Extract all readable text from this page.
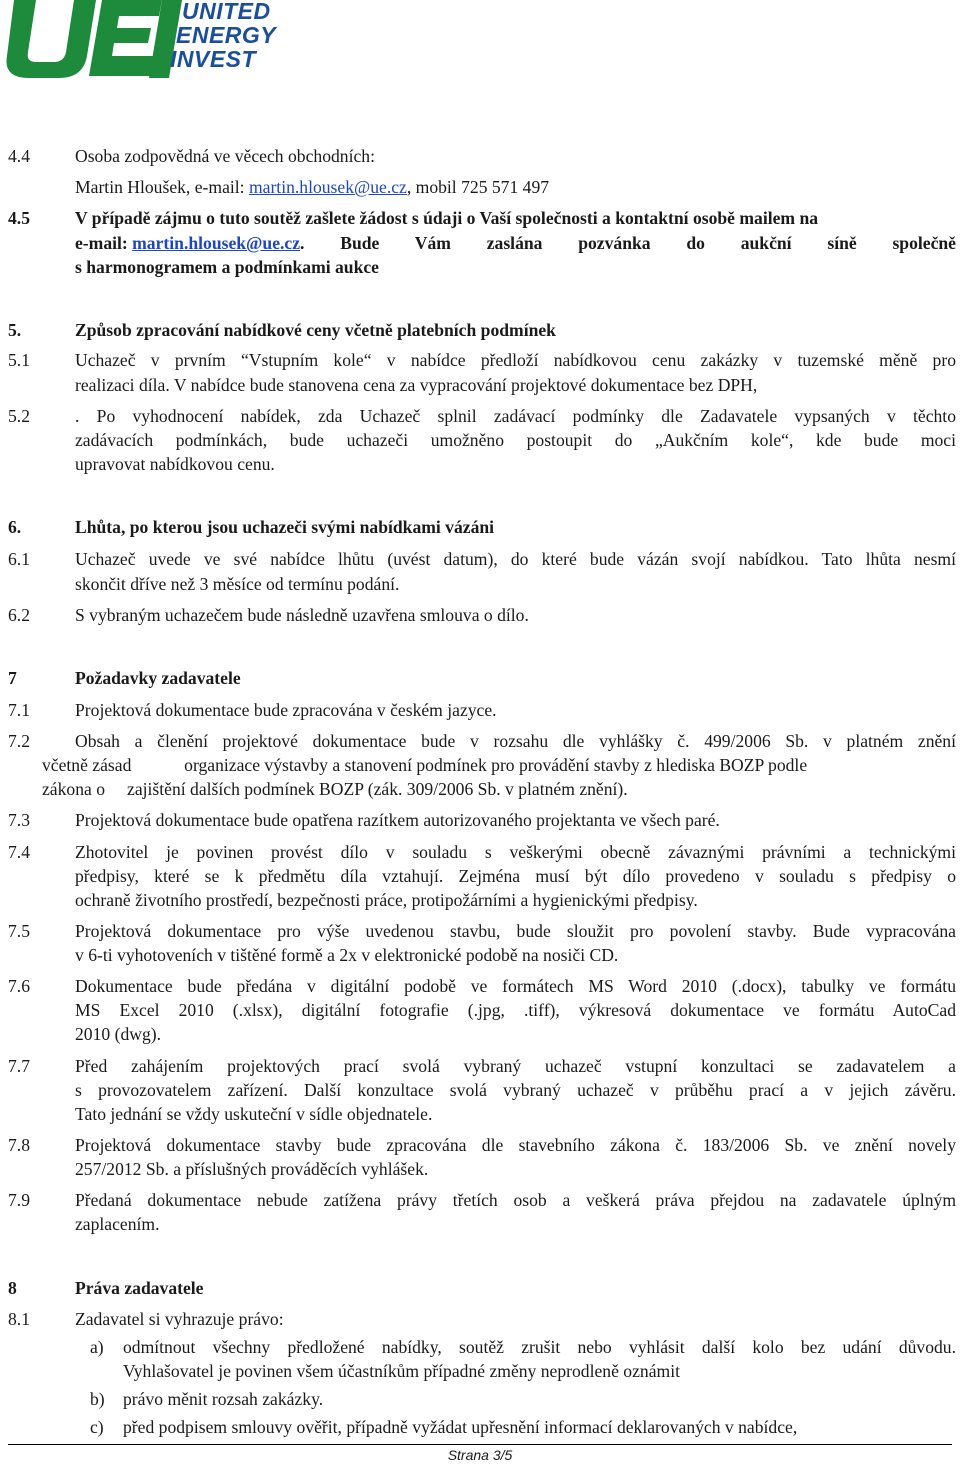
UNITED
ENERGY
INVEST
4.4	Osoba zodpovědná ve věcech obchodních:
Martin Hloušek, e-mail: martin.hlousek@ue.cz, mobil 725 571 497
4.5	V případě zájmu o tuto soutěž zašlete žádost s údaji o Vaší společnosti a kontaktní osobě mailem na
e-mail: martin.hlousek@ue.cz . Bude Vám zaslána pozvánka do aukční síně společně
s harmonogramem a podmínkami aukce
5.	Způsob zpracování nabídkové ceny včetně platebních podmínek
5.1	Uchazeč v prvním “Vstupním kole“ v nabídce předloží nabídkovou cenu zakázky v tuzemské měně pro
realizaci díla. V nabídce bude stanovena cena za vypracování projektové dokumentace bez DPH,
5.2	. Po vyhodnocení nabídek, zda Uchazeč splnil zadávací podmínky dle Zadavatele vypsaných v těchto
zadávacích podmínkách, bude uchazeči umožněno postoupit do „Aukčním kole“, kde bude moci
upravovat nabídkovou cenu.
6.	Lhůta, po kterou jsou uchazeči svými nabídkami vázáni
6.1	Uchazeč uvede ve své nabídce lhůtu (uvést datum), do které bude vázán svojí nabídkou. Tato lhůta nesmí
skončit dříve než 3 měsíce od termínu podání.
6.2	S vybraným uchazečem bude následně uzavřena smlouva o dílo.
7	Požadavky zadavatele
7.1	Projektová dokumentace bude zpracována v českém jazyce.
7.2	Obsah a členění projektové dokumentace bude v rozsahu dle vyhlášky č. 499/2006 Sb. v platném znění
včetně zásad            organizace výstavby a stanovení podmínek pro provádění stavby z hlediska BOZP podle
zákona o     zajištění dalších podmínek BOZP (zák. 309/2006 Sb. v platném znění).
7.3	Projektová dokumentace bude opatřena razítkem autorizovaného projektanta ve všech paré.
7.4	Zhotovitel je povinen provést dílo v souladu s veškerými obecně závaznými právními a technickými
předpisy, které se k předmětu díla vztahují. Zejména musí být dílo provedeno v souladu s předpisy o
ochraně životního prostředí, bezpečnosti práce, protipožárními a hygienickými předpisy.
7.5	Projektová dokumentace pro výše uvedenou stavbu, bude sloužit pro povolení stavby. Bude vypracována
v 6-ti vyhotoveních v tištěné formě a 2x v elektronické podobě na nosiči CD.
7.6	Dokumentace bude předána v digitální podobě ve formátech MS Word 2010 (.docx), tabulky ve formátu
MS Excel 2010 (.xlsx), digitální fotografie (.jpg, .tiff), výkresová dokumentace ve formátu AutoCad
2010 (dwg).
7.7	Před zahájením projektových prací svolá vybraný uchazeč vstupní konzultaci se zadavatelem a
s provozovatelem zařízení. Další konzultace svolá vybraný uchazeč v průběhu prací a v jejich závěru.
Tato jednání se vždy uskuteční v sídle objednatele.
7.8	Projektová dokumentace stavby bude zpracována dle stavebního zákona č. 183/2006 Sb. ve znění novely
257/2012 Sb. a příslušných prováděcích vyhlášek.
7.9	Předaná dokumentace nebude zatížena právy třetích osob a veškerá práva přejdou na zadavatele úplným
zaplacením.
8	Práva zadavatele
8.1	Zadavatel si vyhrazuje právo:
a) odmítnout všechny předložené nabídky, soutěž zrušit nebo vyhlásit další kolo bez udání důvodu.
Vyhlašovatel je povinen všem účastníkům případné změny neprodleně oznámit
b) právo měnit rozsah zakázky.
c) před podpisem smlouvy ověřit, případně vyžádat upřesnění informací deklarovaných v nabídce,
Strana 3/5
